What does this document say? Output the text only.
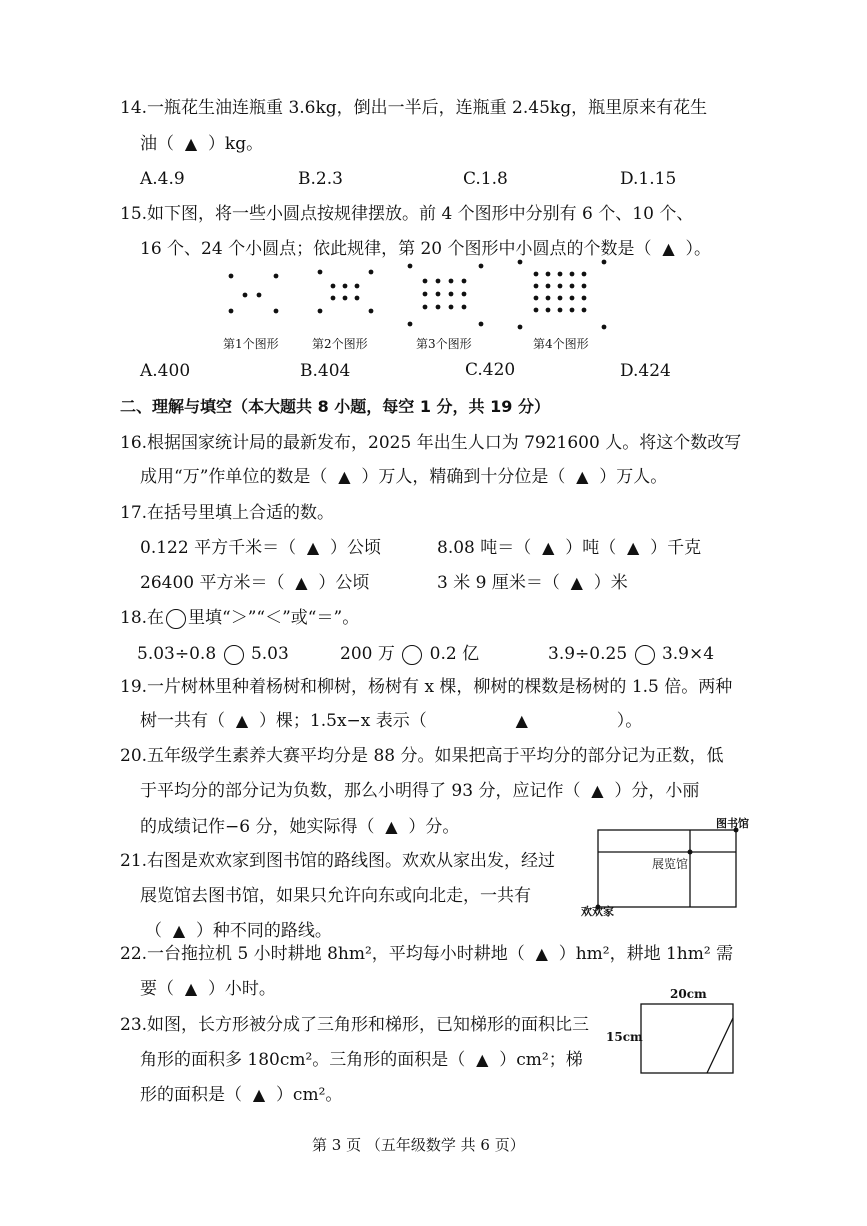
14.一瓶花生油连瓶重 3.6kg，倒出一半后，连瓶重 2.45kg，瓶里原来有花生
油（ ▲ ）kg。
A.4.9	B.2.3	C.1.8	D.1.15
15.如下图，将一些小圆点按规律摆放。前 4 个图形中分别有 6 个、10 个、
16 个、24 个小圆点；依此规律，第 20 个图形中小圆点的个数是（ ▲ ）。
第1个图形	第2个图形	第3个图形	第4个图形
A.400	B.404	C.420	D.424
二、理解与填空（本大题共 8 小题，每空 1 分，共 19 分）
16.根据国家统计局的最新发布，2025 年出生人口为 7921600 人。将这个数改写
成用“万”作单位的数是（ ▲ ）万人，精确到十分位是（ ▲ ）万人。
17.在括号里填上合适的数。
0.122 平方千米＝（ ▲ ）公顷	8.08 吨＝（ ▲ ）吨（ ▲ ）千克
26400 平方米＝（ ▲ ）公顷	3 米 9 厘米＝（ ▲ ）米
18.在 里填“＞”“＜”或“＝”。
5.03÷0.8 5.03	200 万 0.2 亿	3.9÷0.25 3.9×4
19.一片树林里种着杨树和柳树，杨树有 x 棵，柳树的棵数是杨树的 1.5 倍。两种
树一共有（ ▲ ）棵；1.5x−x 表示（	▲	）。
20.五年级学生素养大赛平均分是 88 分。如果把高于平均分的部分记为正数，低
于平均分的部分记为负数，那么小明得了 93 分，应记作（ ▲ ）分，小丽
的成绩记作−6 分，她实际得（ ▲ ）分。
21.右图是欢欢家到图书馆的路线图。欢欢从家出发，经过
展览馆去图书馆，如果只允许向东或向北走，一共有
（ ▲ ）种不同的路线。
图书馆
展览馆
欢欢家
22.一台拖拉机 5 小时耕地 8hm²，平均每小时耕地（ ▲ ）hm²，耕地 1hm² 需
要（ ▲ ）小时。
23.如图，长方形被分成了三角形和梯形，已知梯形的面积比三
角形的面积多 180cm²。三角形的面积是（ ▲ ）cm²；梯
形的面积是（ ▲ ）cm²。
20cm
15cm
第 3 页 （五年级数学 共 6 页）
